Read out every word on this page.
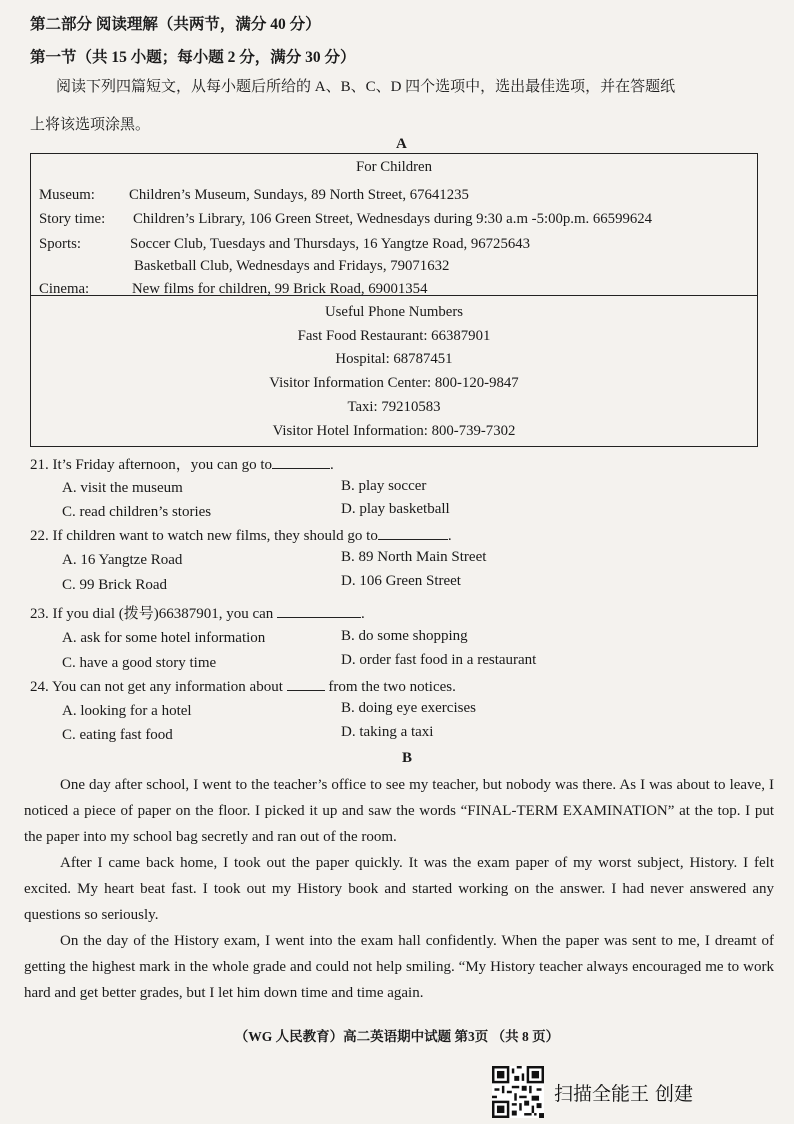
第二部分 阅读理解（共两节，满分 40 分）
第一节（共 15 小题；每小题 2 分，满分 30 分）
阅读下列四篇短文，从每小题后所给的 A、B、C、D 四个选项中，选出最佳选项，并在答题纸
上将该选项涂黑。
A
For Children
Museum: Children’s Museum, Sundays, 89 North Street, 67641235
Story time: Children’s Library, 106 Green Street, Wednesdays during 9:30 a.m -5:00p.m. 66599624
Sports:	Soccer Club, Tuesdays and Thursdays, 16 Yangtze Road, 96725643
Basketball Club, Wednesdays and Fridays, 79071632
Cinema:	New films for children, 99 Brick Road, 69001354
Useful Phone Numbers
Fast Food Restaurant: 66387901
Hospital: 68787451
Visitor Information Center: 800-120-9847
Taxi: 79210583
Visitor Hotel Information: 800-739-7302
21. It’s Friday afternoon，you can go to	.
A. visit the museum	B. play soccer
C. read children’s stories	D. play basketball
22. If children want to watch new films, they should go to	.
A. 16 Yangtze Road	B. 89 North Main Street
C. 99 Brick Road	D. 106 Green Street
23. If you dial (拨号)66387901, you can	.
A. ask for some hotel information	B. do some shopping
C. have a good story time	D. order fast food in a restaurant
24. You can not get any information about	from the two notices.
A. looking for a hotel	B. doing eye exercises
C. eating fast food	D. taking a taxi
B

One day after school, I went to the teacher’s office to see my teacher, but nobody was there. As I was about to leave, I noticed a piece of paper on the floor. I picked it up and saw the words “FINAL-TERM EXAMINATION” at the top. I put the paper into my school bag secretly and ran out of the room.

After I came back home, I took out the paper quickly. It was the exam paper of my worst subject, History. I felt excited. My heart beat fast. I took out my History book and started working on the answer. I had never answered any questions so seriously.

On the day of the History exam, I went into the exam hall confidently. When the paper was sent to me, I dreamt of getting the highest mark in the whole grade and could not help smiling. “My History teacher always encouraged me to work hard and get better grades, but I let him down time and time again.

（WG 人民教育）高二英语期中试题 第3页 （共 8 页）
扫描全能王 创建
